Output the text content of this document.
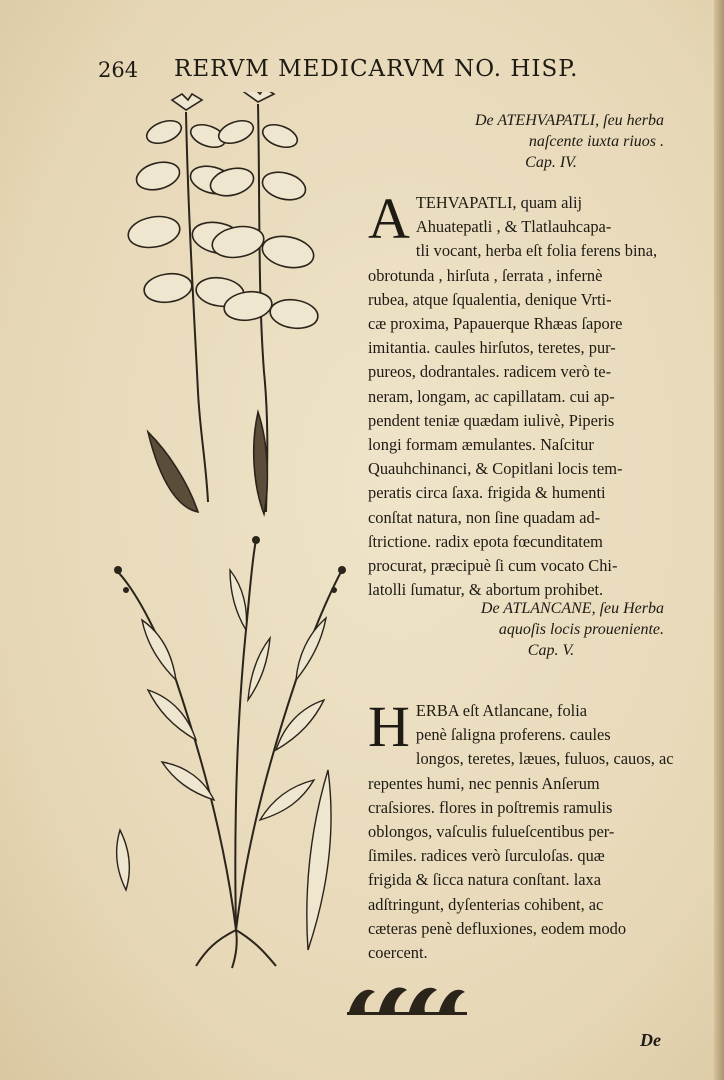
264 RERVM MEDICARVM NO. HISP.
De ATEHVAPATLI, ſeu herba
naſcente iuxta riuos .
Cap. IV.
A TEHVAPATLI, quam alij
Ahuatepatli , & Tlatlauhcapa-
tli vocant, herba eſt folia ferens bina,
obrotunda , hirſuta , ſerrata , infernè
rubea, atque ſqualentia, denique Vrti-
cæ proxima, Papauerque Rhæas ſapore
imitantia. caules hirſutos, teretes, pur-
pureos, dodrantales. radicem verò te-
neram, longam, ac capillatam. cui ap-
pendent teniæ quædam iulivè, Piperis
longi formam æmulantes. Naſcitur
Quauhchinanci, & Copitlani locis tem-
peratis circa ſaxa. frigida & humenti
conſtat natura, non ſine quadam ad-
ſtrictione. radix epota fœcunditatem
procurat, præcipuè ſi cum vocato Chi-
latolli ſumatur, & abortum prohibet.
De ATLANCANE, ſeu Herba
aquoſis locis proueniente.
Cap. V.
H ERBA eſt Atlancane, folia
penè ſaligna proferens. caules
longos, teretes, læues, fuluos, cauos, ac
repentes humi, nec pennis Anſerum
craſsiores. flores in poſtremis ramulis
oblongos, vaſculis fulueſcentibus per-
ſimiles. radices verò ſurculoſas. quæ
frigida & ſicca natura conſtant. laxa
adſtringunt, dyſenterias cohibent, ac
cæteras penè defluxiones, eodem modo
coercent.
De
